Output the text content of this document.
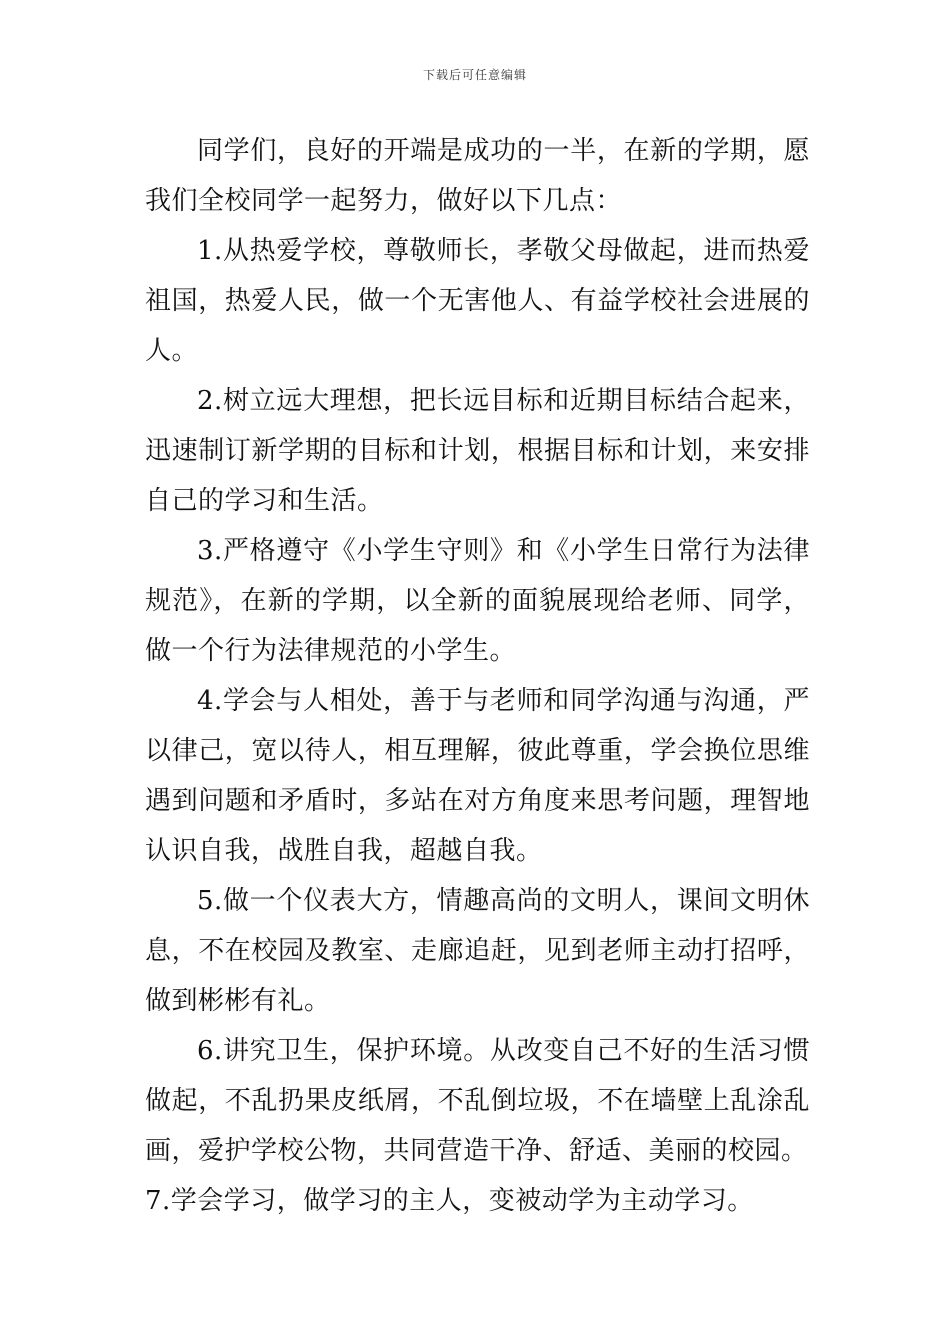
下载后可任意编辑

同学们，良好的开端是成功的一半，在新的学期，愿我们全校同学一起努力，做好以下几点：

1.从热爱学校，尊敬师长，孝敬父母做起，进而热爱祖国，热爱人民，做一个无害他人、有益学校社会进展的人。

2.树立远大理想，把长远目标和近期目标结合起来，迅速制订新学期的目标和计划，根据目标和计划，来安排自己的学习和生活。

3.严格遵守《小学生守则》和《小学生日常行为法律规范》，在新的学期，以全新的面貌展现给老师、同学，做一个行为法律规范的小学生。

4.学会与人相处，善于与老师和同学沟通与沟通，严以律己，宽以待人，相互理解，彼此尊重，学会换位思维遇到问题和矛盾时，多站在对方角度来思考问题，理智地认识自我，战胜自我，超越自我。

5.做一个仪表大方，情趣高尚的文明人，课间文明休息，不在校园及教室、走廊追赶，见到老师主动打招呼，做到彬彬有礼。

6.讲究卫生，保护环境。从改变自己不好的生活习惯做起，不乱扔果皮纸屑，不乱倒垃圾，不在墙壁上乱涂乱画，爱护学校公物，共同营造干净、舒适、美丽的校园。

7.学会学习，做学习的主人，变被动学为主动学习。
